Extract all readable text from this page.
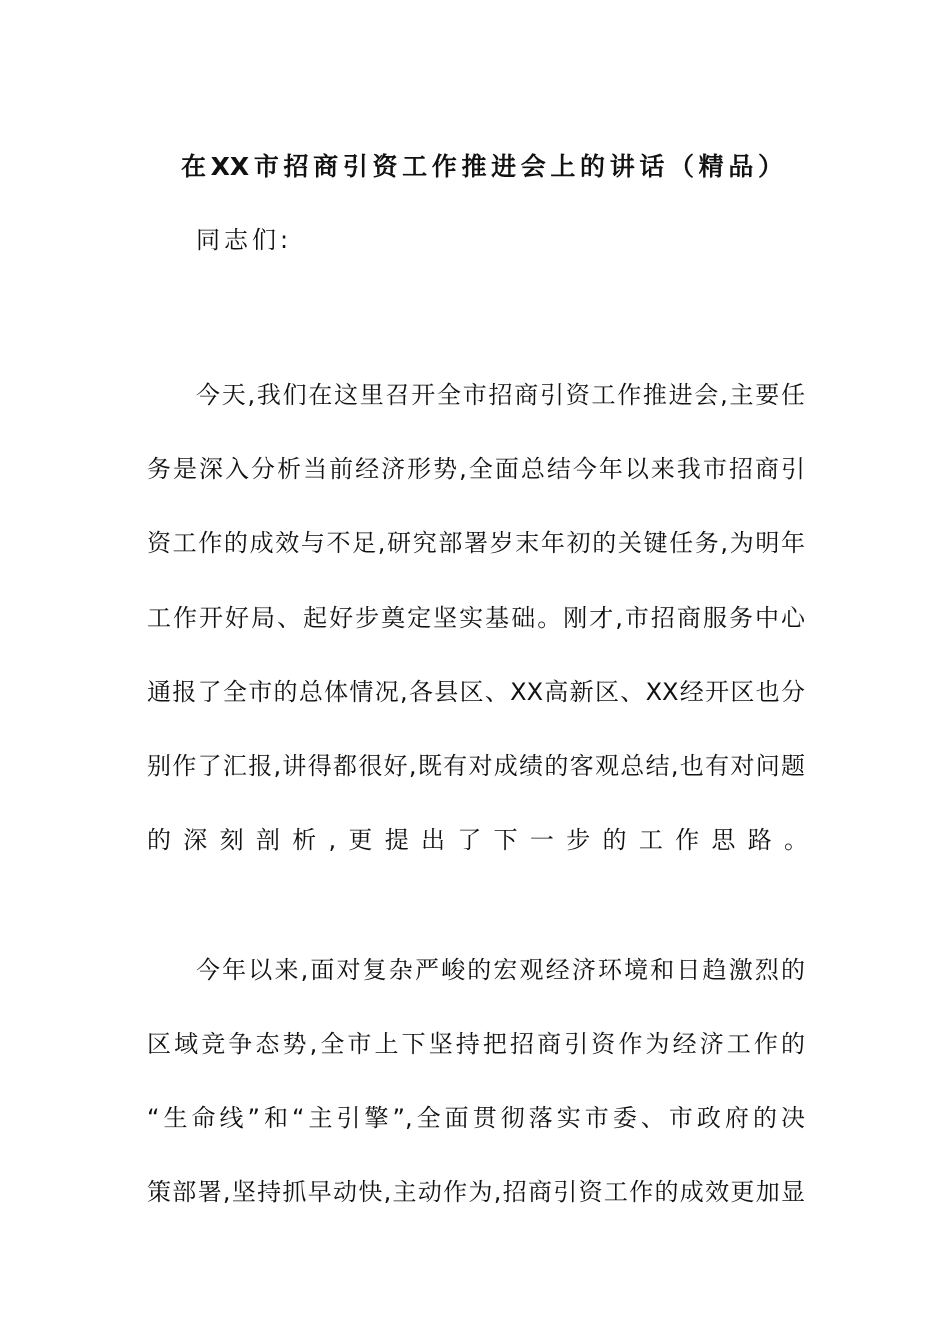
在XX市招商引资工作推进会上的讲话（精品）
同志们:
今天,我们在这里召开全市招商引资工作推进会,主要任
务是深入分析当前经济形势,全面总结今年以来我市招商引
资工作的成效与不足,研究部署岁末年初的关键任务,为明年
工作开好局、起好步奠定坚实基础。刚才,市招商服务中心
通报了全市的总体情况,各县区、XX高新区、XX经开区也分
别作了汇报,讲得都很好,既有对成绩的客观总结,也有对问题
的深刻剖析,更提出了下一步的工作思路。
今年以来,面对复杂严峻的宏观经济环境和日趋激烈的
区域竞争态势,全市上下坚持把招商引资作为经济工作的
“生命线”和“主引擎”,全面贯彻落实市委、市政府的决
策部署,坚持抓早动快,主动作为,招商引资工作的成效更加显
